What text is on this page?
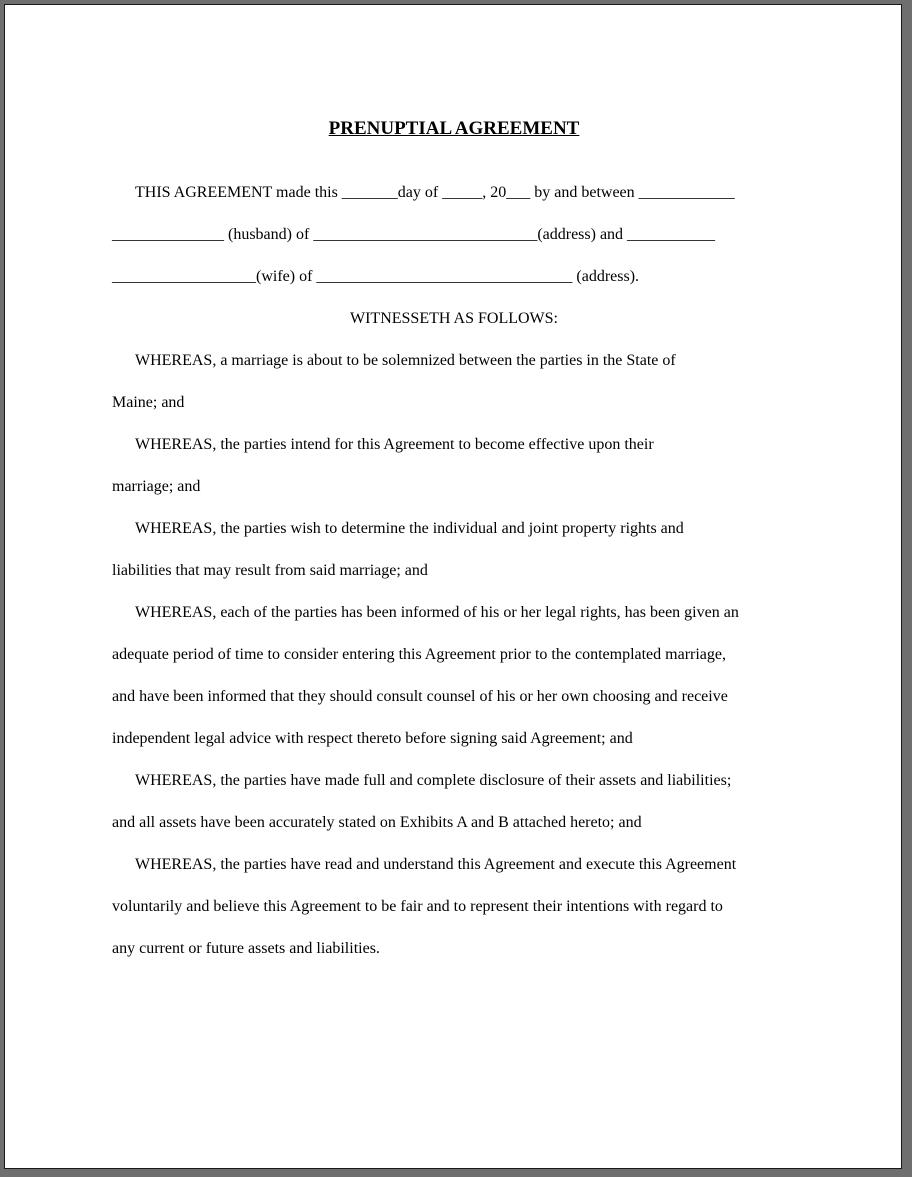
PRENUPTIAL AGREEMENT
THIS AGREEMENT made this _______day of _____, 20___ by and between ____________
______________ (husband) of ____________________________(address) and ___________
__________________(wife) of ________________________________ (address).
WITNESSETH AS FOLLOWS:
WHEREAS, a marriage is about to be solemnized between the parties in the State of
Maine; and
WHEREAS, the parties intend for this Agreement to become effective upon their
marriage; and
WHEREAS, the parties wish to determine the individual and joint property rights and
liabilities that may result from said marriage; and
WHEREAS, each of the parties has been informed of his or her legal rights, has been given an
adequate period of time to consider entering this Agreement prior to the contemplated marriage,
and have been informed that they should consult counsel of his or her own choosing and receive
independent legal advice with respect thereto before signing said Agreement; and
WHEREAS, the parties have made full and complete disclosure of their assets and liabilities;
and all assets have been accurately stated on Exhibits A and B attached hereto; and
WHEREAS, the parties have read and understand this Agreement and execute this Agreement
voluntarily and believe this Agreement to be fair and to represent their intentions with regard to
any current or future assets and liabilities.
